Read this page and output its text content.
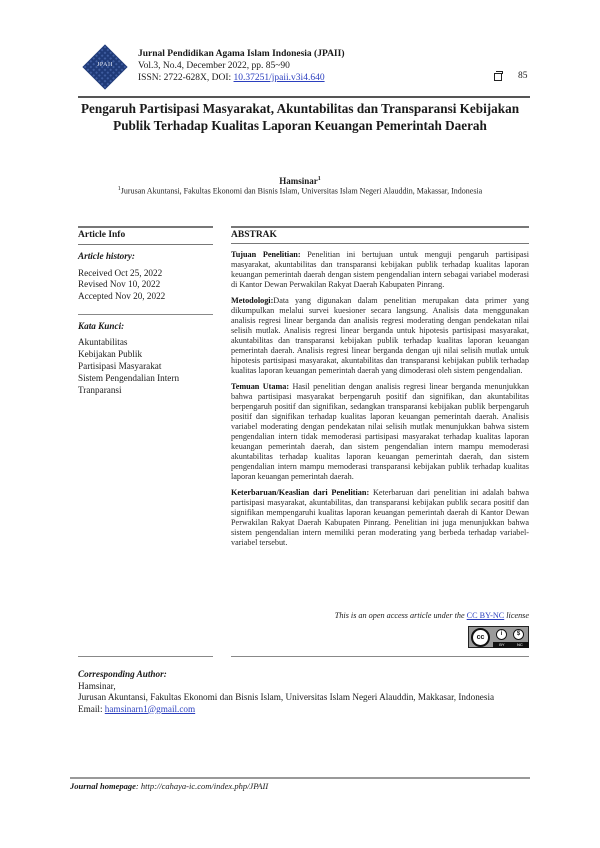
JPAII
Jurnal Pendidikan Agama Islam Indonesia (JPAII)
Vol.3, No.4, December 2022, pp. 85~90
ISSN: 2722-628X, DOI: 10.37251/jpaii.v3i4.640	85
Pengaruh Partisipasi Masyarakat, Akuntabilitas dan Transparansi Kebijakan Publik Terhadap Kualitas Laporan Keuangan Pemerintah Daerah
Hamsinar$^1$
$^1$Jurusan Akuntansi, Fakultas Ekonomi dan Bisnis Islam, Universitas Islam Negeri Alauddin, Makassar, Indonesia
Article Info
Article history:
Received Oct 25, 2022
Revised Nov 10, 2022
Accepted Nov 20, 2022
Kata Kunci:
Akuntabilitas
Kebijakan Publik
Partisipasi Masyarakat
Sistem Pengendalian Intern
Tranparansi
ABSTRAK
Tujuan Penelitian: Penelitian ini bertujuan untuk menguji pengaruh partisipasi masyarakat, akuntabilitas dan transparansi kebijakan publik terhadap kualitas laporan keuangan pemerintah daerah dengan sistem pengendalian intern sebagai variabel moderasi di Kantor Dewan Perwakilan Rakyat Daerah Kabupaten Pinrang.
Metodologi:Data yang digunakan dalam penelitian merupakan data primer yang dikumpulkan melalui survei kuesioner secara langsung. Analisis data menggunakan analisis regresi linear berganda dan analisis regresi moderating dengan pendekatan nilai selisih mutlak. Analisis regresi linear berganda untuk hipotesis partisipasi masyarakat, akuntabilitas dan transparansi kebijakan publik terhadap kualitas laporan keuangan pemerintah daerah. Analisis regresi linear berganda dengan uji nilai selisih mutlak untuk hipotesis partisipasi masyarakat, akuntabilitas dan transparansi kebijakan publik terhadap kualitas laporan keuangan pemerintah daerah yang dimoderasi oleh sistem pengendalian.
Temuan Utama: Hasil penelitian dengan analisis regresi linear berganda menunjukkan bahwa partisipasi masyarakat berpengaruh positif dan signifikan, dan akuntabilitas berpengaruh positif dan signifikan, sedangkan transparansi kebijakan publik berpengaruh positif dan signifikan terhadap kualitas laporan keuangan pemerintah daerah. Analisis variabel moderating dengan pendekatan nilai selisih mutlak menunjukkan bahwa sistem pengendalian intern tidak memoderasi partisipasi masyarakat terhadap kualitas laporan keuangan pemerintah daerah, dan sistem pengendalian intern mampu memoderasi akuntabilitas terhadap kualitas laporan keuangan pemerintah daerah, dan sistem pengendalian intern mampu memoderasi transparansi kebijakan publik terhadap kualitas laporan keuangan pemerintah daerah.
Keterbaruan/Keaslian dari Penelitian: Keterbaruan dari penelitian ini adalah bahwa partisipasi masyarakat, akuntabilitas, dan transparansi kebijakan publik secara positif dan signifikan mempengaruhi kualitas laporan keuangan pemerintah daerah di Kantor Dewan Perwakilan Rakyat Daerah Kabupaten Pinrang. Penelitian ini juga menunjukkan bahwa sistem pengendalian intern memiliki peran moderating yang berbeda terhadap variabel-variabel tersebut.
This is an open access article under the CC BY-NC license
cc	i	$
BY	NC
Corresponding Author:
Hamsinar,
Jurusan Akuntansi, Fakultas Ekonomi dan Bisnis Islam, Universitas Islam Negeri Alauddin, Makkasar, Indonesia
Email: hamsinarn1@gmail.com
Journal homepage: http://cahaya-ic.com/index.php/JPAII
